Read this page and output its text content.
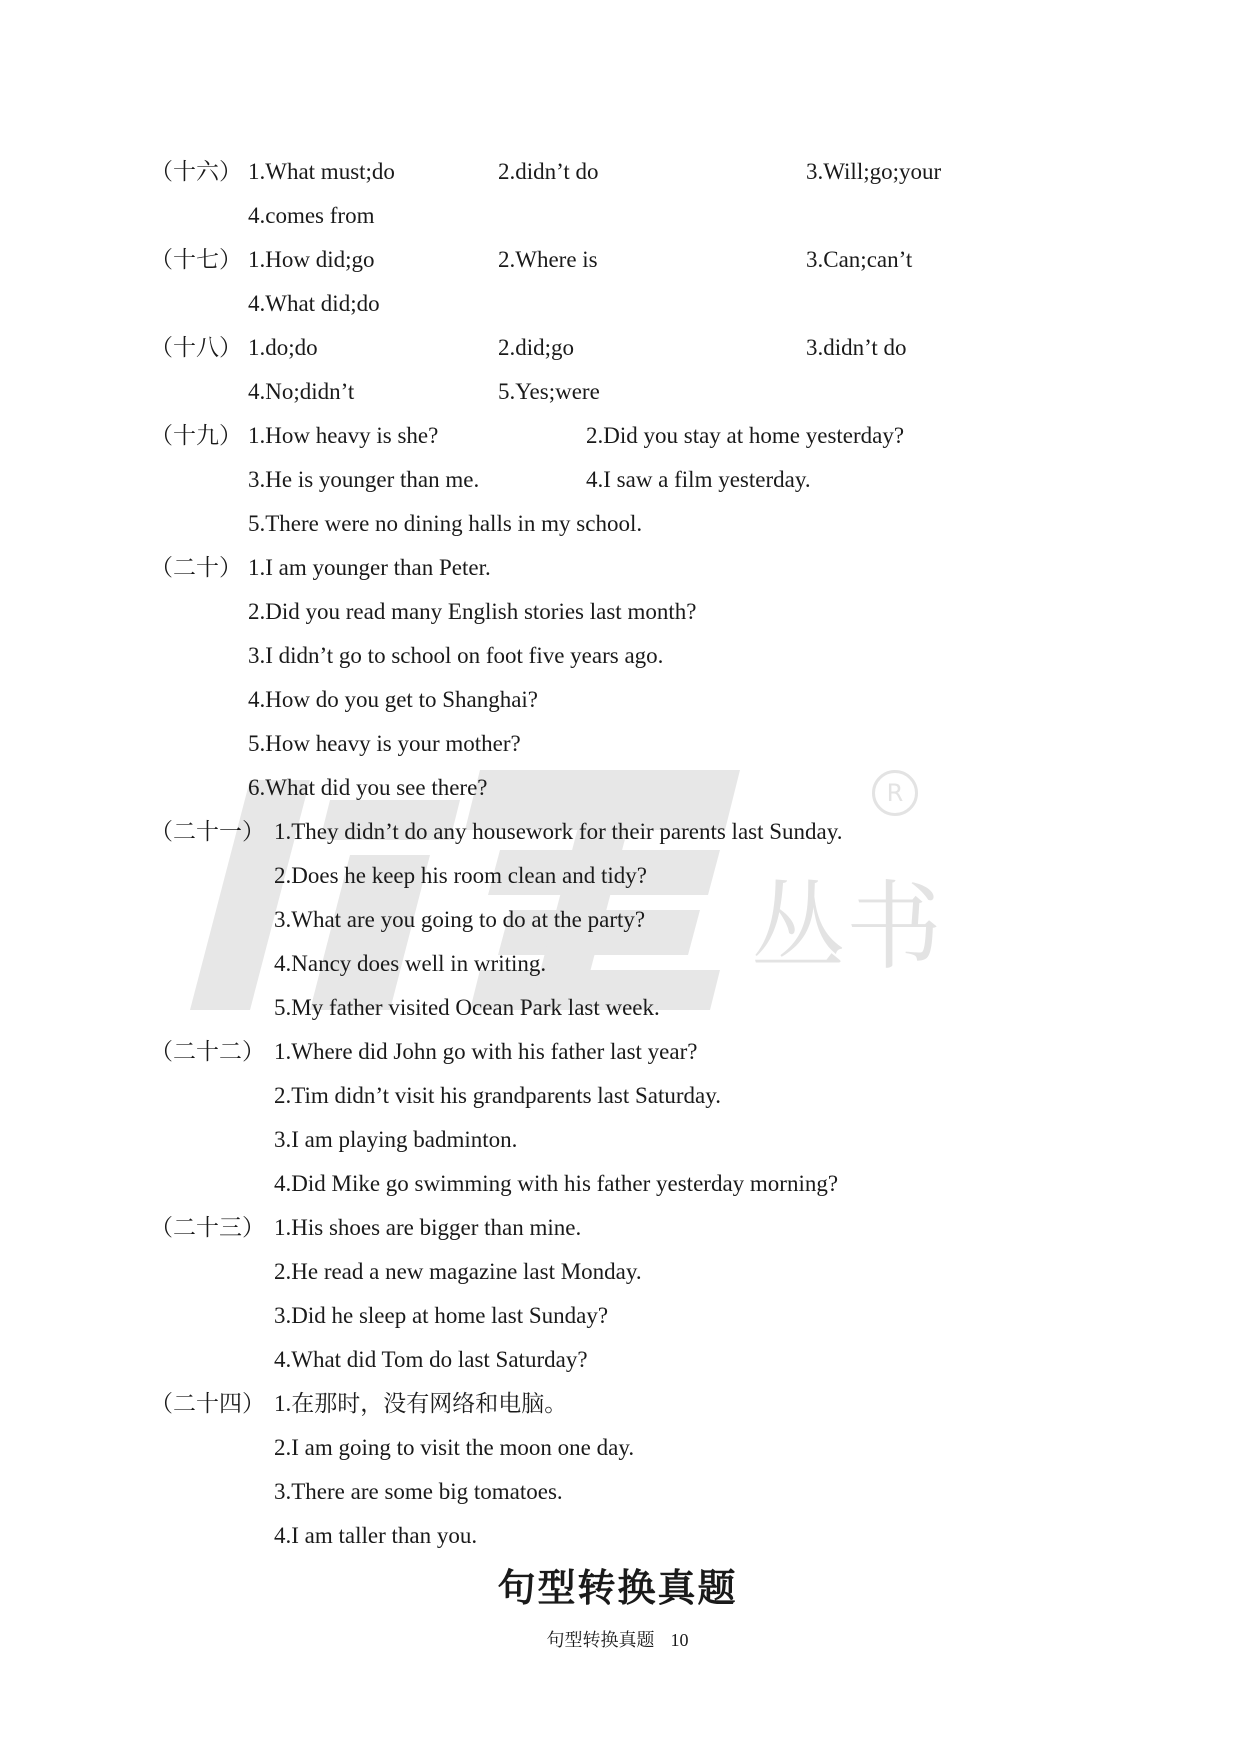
丛书
R
（十六） 1.What must;do	2.didn’t do	3.Will;go;your
4.comes from
（十七） 1.How did;go	2.Where is	3.Can;can’t
4.What did;do
（十八） 1.do;do	2.did;go	3.didn’t do
4.No;didn’t	5.Yes;were
（十九） 1.How heavy is she?	2.Did you stay at home yesterday?
3.He is younger than me.	4.I saw a film yesterday.
5.There were no dining halls in my school.
（二十） 1.I am younger than Peter.
2.Did you read many English stories last month?
3.I didn’t go to school on foot five years ago.
4.How do you get to Shanghai?
5.How heavy is your mother?
6.What did you see there?
（二十一） 1.They didn’t do any housework for their parents last Sunday.
2.Does he keep his room clean and tidy?
3.What are you going to do at the party?
4.Nancy does well in writing.
5.My father visited Ocean Park last week.
（二十二） 1.Where did John go with his father last year?
2.Tim didn’t visit his grandparents last Saturday.
3.I am playing badminton.
4.Did Mike go swimming with his father yesterday morning?
（二十三） 1.His shoes are bigger than mine.
2.He read a new magazine last Monday.
3.Did he sleep at home last Sunday?
4.What did Tom do last Saturday?
（二十四） 1.在那时，没有网络和电脑。
2.I am going to visit the moon one day.
3.There are some big tomatoes.
4.I am taller than you.
句型转换真题
句型转换真题 10
